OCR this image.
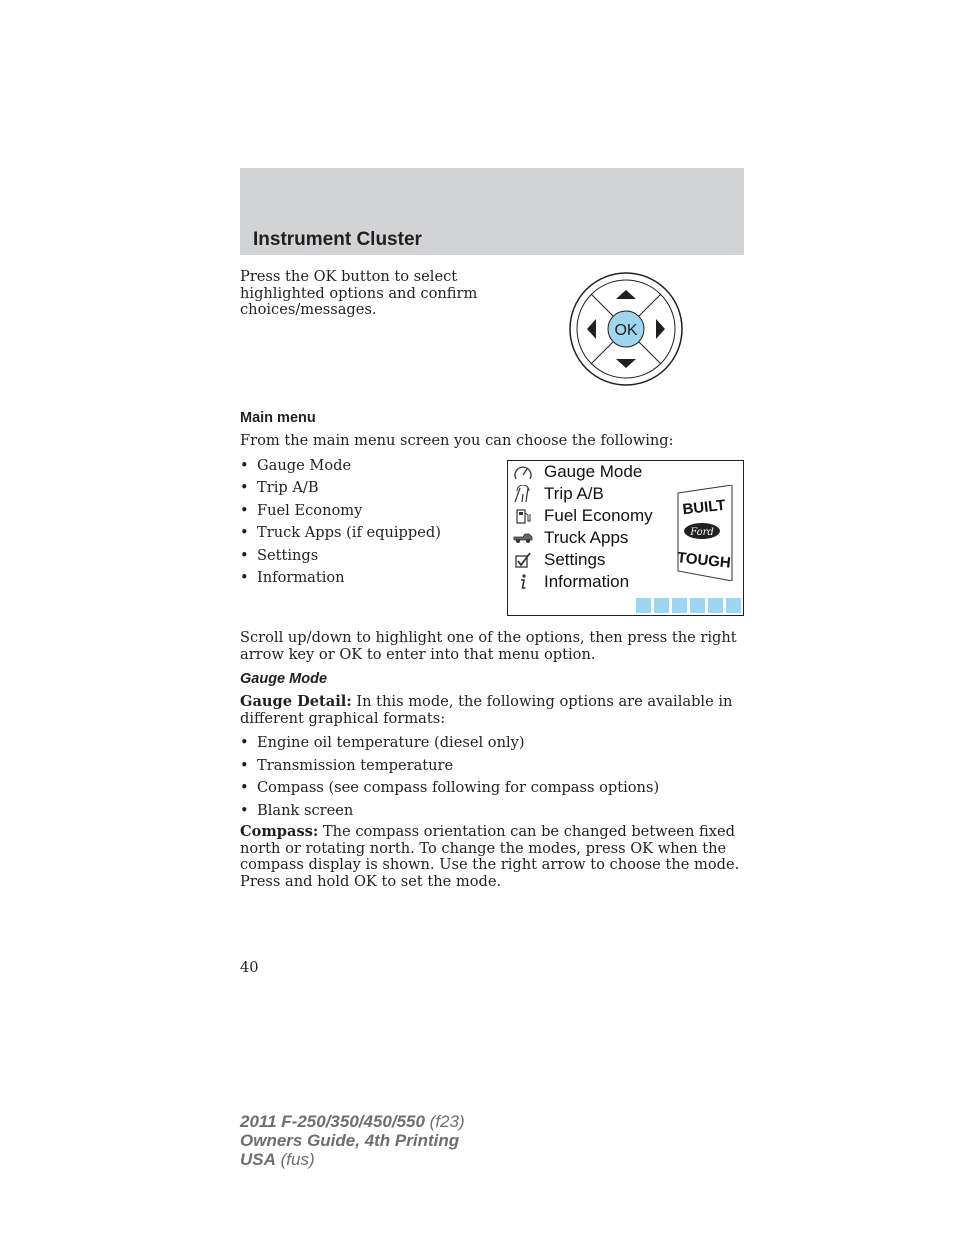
Instrument Cluster
Press the OK button to select highlighted options and confirm choices/messages.
OK
Main menu
From the main menu screen you can choose the following:
• Gauge Mode
• Trip A/B
• Fuel Economy
• Truck Apps (if equipped)
• Settings
• Information
Gauge Mode
Trip A/B
Fuel Economy
Truck Apps
Settings
Information
BUILT
Ford
TOUGH
Scroll up/down to highlight one of the options, then press the right arrow key or OK to enter into that menu option.
Gauge Mode
Gauge Detail: In this mode, the following options are available in different graphical formats:
• Engine oil temperature (diesel only)
• Transmission temperature
• Compass (see compass following for compass options)
• Blank screen
Compass: The compass orientation can be changed between fixed north or rotating north. To change the modes, press OK when the compass display is shown. Use the right arrow to choose the mode. Press and hold OK to set the mode.
40
2011 F-250/350/450/550 (f23)
Owners Guide, 4th Printing
USA (fus)
